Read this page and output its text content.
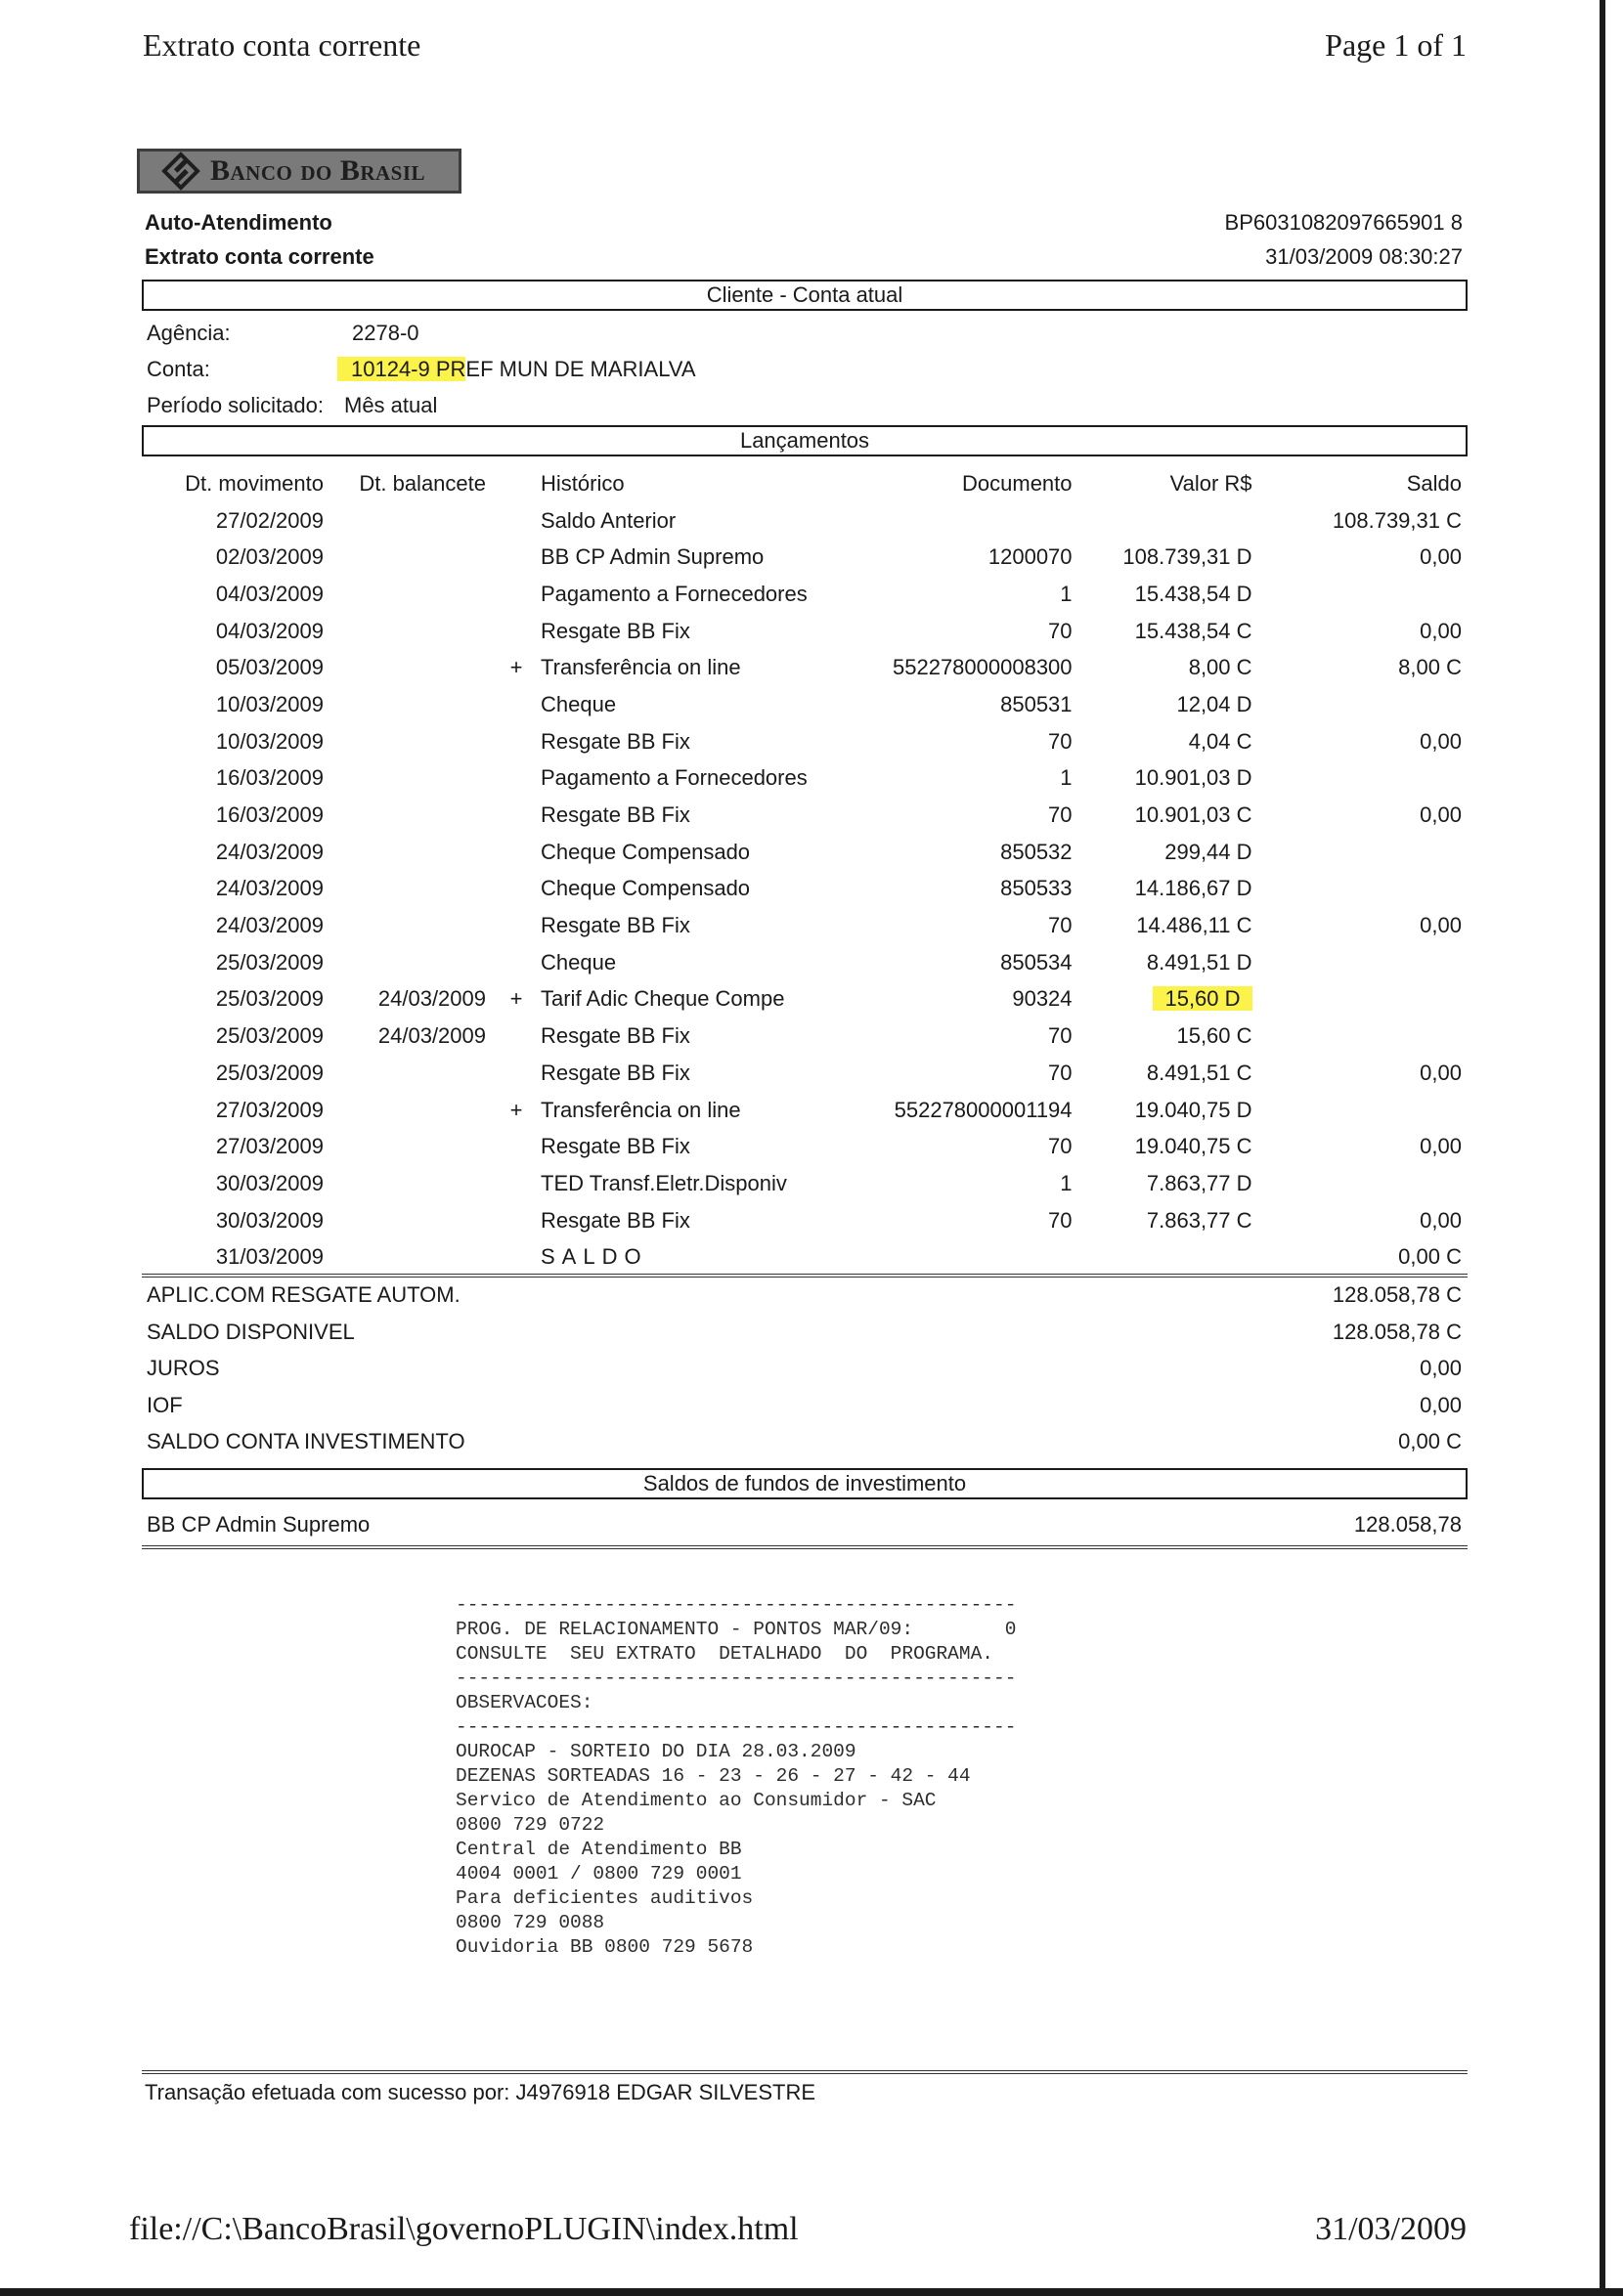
Extrato conta corrente	Page 1 of 1
Banco do Brasil
Auto-Atendimento
Extrato conta corrente
BP6031082097665901 8
31/03/2009 08:30:27
Cliente - Conta atual
Agência:	2278-0
Conta:	10124-9 PREF MUN DE MARIALVA
Período solicitado: Mês atual
Lançamentos
Dt. movimento	Dt. balancete		Histórico	Documento	Valor R$	Saldo
27/02/2009			Saldo Anterior			108.739,31 C
02/03/2009			BB CP Admin Supremo	1200070	108.739,31 D	0,00
04/03/2009			Pagamento a Fornecedores	1	15.438,54 D	
04/03/2009			Resgate BB Fix	70	15.438,54 C	0,00
05/03/2009		+	Transferência on line	552278000008300	8,00 C	8,00 C
10/03/2009			Cheque	850531	12,04 D	
10/03/2009			Resgate BB Fix	70	4,04 C	0,00
16/03/2009			Pagamento a Fornecedores	1	10.901,03 D	
16/03/2009			Resgate BB Fix	70	10.901,03 C	0,00
24/03/2009			Cheque Compensado	850532	299,44 D	
24/03/2009			Cheque Compensado	850533	14.186,67 D	
24/03/2009			Resgate BB Fix	70	14.486,11 C	0,00
25/03/2009			Cheque	850534	8.491,51 D	
25/03/2009	24/03/2009	+	Tarif Adic Cheque Compe	90324	15,60 D	
25/03/2009	24/03/2009		Resgate BB Fix	70	15,60 C	
25/03/2009			Resgate BB Fix	70	8.491,51 C	0,00
27/03/2009		+	Transferência on line	552278000001194	19.040,75 D	
27/03/2009			Resgate BB Fix	70	19.040,75 C	0,00
30/03/2009			TED Transf.Eletr.Disponiv	1	7.863,77 D	
30/03/2009			Resgate BB Fix	70	7.863,77 C	0,00
31/03/2009			SALDO			0,00 C
APLIC.COM RESGATE AUTOM.	128.058,78 C
SALDO DISPONIVEL	128.058,78 C
JUROS	0,00
IOF	0,00
SALDO CONTA INVESTIMENTO	0,00 C
Saldos de fundos de investimento
BB CP Admin Supremo	128.058,78
-------------------------------------------------
PROG. DE RELACIONAMENTO - PONTOS MAR/09:        0
CONSULTE  SEU EXTRATO  DETALHADO  DO  PROGRAMA.
-------------------------------------------------
OBSERVACOES:
-------------------------------------------------
OUROCAP - SORTEIO DO DIA 28.03.2009
DEZENAS SORTEADAS 16 - 23 - 26 - 27 - 42 - 44
Servico de Atendimento ao Consumidor - SAC
0800 729 0722
Central de Atendimento BB
4004 0001 / 0800 729 0001
Para deficientes auditivos
0800 729 0088
Ouvidoria BB 0800 729 5678
Transação efetuada com sucesso por: J4976918 EDGAR SILVESTRE
file://C:\BancoBrasil\governoPLUGIN\index.html	31/03/2009
